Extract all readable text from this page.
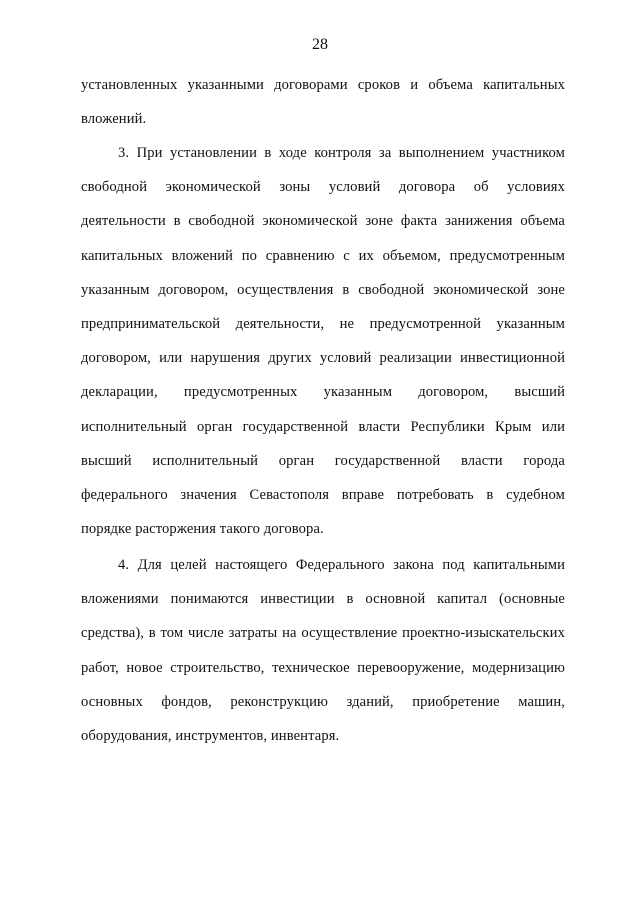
28
установленных указанными договорами сроков и объема капитальных
вложений.
3. При установлении в ходе контроля за выполнением участником
свободной экономической зоны условий договора об условиях
деятельности в свободной экономической зоне факта занижения объема
капитальных вложений по сравнению с их объемом, предусмотренным
указанным договором, осуществления в свободной экономической зоне
предпринимательской деятельности, не предусмотренной указанным
договором, или нарушения других условий реализации инвестиционной
декларации, предусмотренных указанным договором, высший
исполнительный орган государственной власти Республики Крым или
высший исполнительный орган государственной власти города
федерального значения Севастополя вправе потребовать в судебном
порядке расторжения такого договора.
4. Для целей настоящего Федерального закона под капитальными
вложениями понимаются инвестиции в основной капитал (основные
средства), в том числе затраты на осуществление проектно-изыскательских
работ, новое строительство, техническое перевооружение, модернизацию
основных фондов, реконструкцию зданий, приобретение машин,
оборудования, инструментов, инвентаря.
